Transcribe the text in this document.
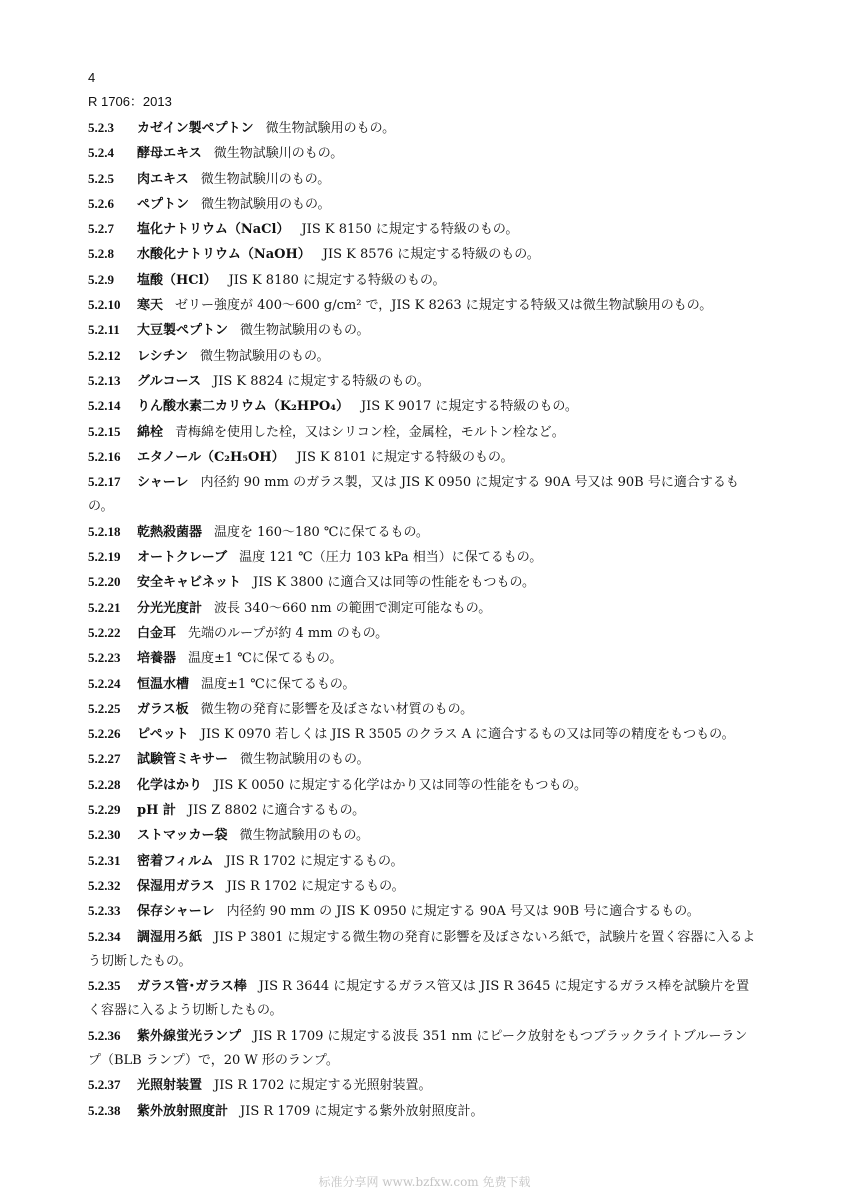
4
R 1706：2013
5.2.3 カゼイン製ペプトン 微生物試験用のもの。
5.2.4 酵母エキス 微生物試験川のもの。
5.2.5 肉エキス 微生物試験川のもの。
5.2.6 ペプトン 微生物試験用のもの。
5.2.7 塩化ナトリウム（NaCl） JIS K 8150 に規定する特級のもの。
5.2.8 水酸化ナトリウム（NaOH） JIS K 8576 に規定する特級のもの。
5.2.9 塩酸（HCl） JIS K 8180 に規定する特級のもの。
5.2.10 寒天 ゼリー強度が 400～600 g/cm² で，JIS K 8263 に規定する特級又は微生物試験用のもの。
5.2.11 大豆製ペプトン 微生物試験用のもの。
5.2.12 レシチン 微生物試験用のもの。
5.2.13 グルコース JIS K 8824 に規定する特級のもの。
5.2.14 りん酸水素二カリウム（K₂HPO₄） JIS K 9017 に規定する特級のもの。
5.2.15 綿栓 青梅綿を使用した栓，又はシリコン栓，金属栓，モルトン栓など。
5.2.16 エタノール（C₂H₅OH） JIS K 8101 に規定する特級のもの。
5.2.17 シャーレ 内径約 90 mm のガラス製，又は JIS K 0950 に規定する 90A 号又は 90B 号に適合するもの。
5.2.18 乾熱殺菌器 温度を 160～180 ℃に保てるもの。
5.2.19 オートクレーブ 温度 121 ℃（圧力 103 kPa 相当）に保てるもの。
5.2.20 安全キャビネット JIS K 3800 に適合又は同等の性能をもつもの。
5.2.21 分光光度計 波長 340～660 nm の範囲で測定可能なもの。
5.2.22 白金耳 先端のループが約 4 mm のもの。
5.2.23 培養器 温度±1 ℃に保てるもの。
5.2.24 恒温水槽 温度±1 ℃に保てるもの。
5.2.25 ガラス板 微生物の発育に影響を及ぼさない材質のもの。
5.2.26 ピペット JIS K 0970 若しくは JIS R 3505 のクラス A に適合するもの又は同等の精度をもつもの。
5.2.27 試験管ミキサー 微生物試験用のもの。
5.2.28 化学はかり JIS K 0050 に規定する化学はかり又は同等の性能をもつもの。
5.2.29 pH 計 JIS Z 8802 に適合するもの。
5.2.30 ストマッカー袋 微生物試験用のもの。
5.2.31 密着フィルム JIS R 1702 に規定するもの。
5.2.32 保湿用ガラス JIS R 1702 に規定するもの。
5.2.33 保存シャーレ 内径約 90 mm の JIS K 0950 に規定する 90A 号又は 90B 号に適合するもの。
5.2.34 調湿用ろ紙 JIS P 3801 に規定する微生物の発育に影響を及ぼさないろ紙で，試験片を置く容器に入るよう切断したもの。
5.2.35 ガラス管･ガラス棒 JIS R 3644 に規定するガラス管又は JIS R 3645 に規定するガラス棒を試験片を置く容器に入るよう切断したもの。
5.2.36 紫外線蛍光ランプ JIS R 1709 に規定する波長 351 nm にピーク放射をもつブラックライトブルーランプ（BLB ランプ）で，20 W 形のランプ。
5.2.37 光照射装置 JIS R 1702 に規定する光照射装置。
5.2.38 紫外放射照度計 JIS R 1709 に規定する紫外放射照度計。
标准分享网 www.bzfxw.com 免费下载
